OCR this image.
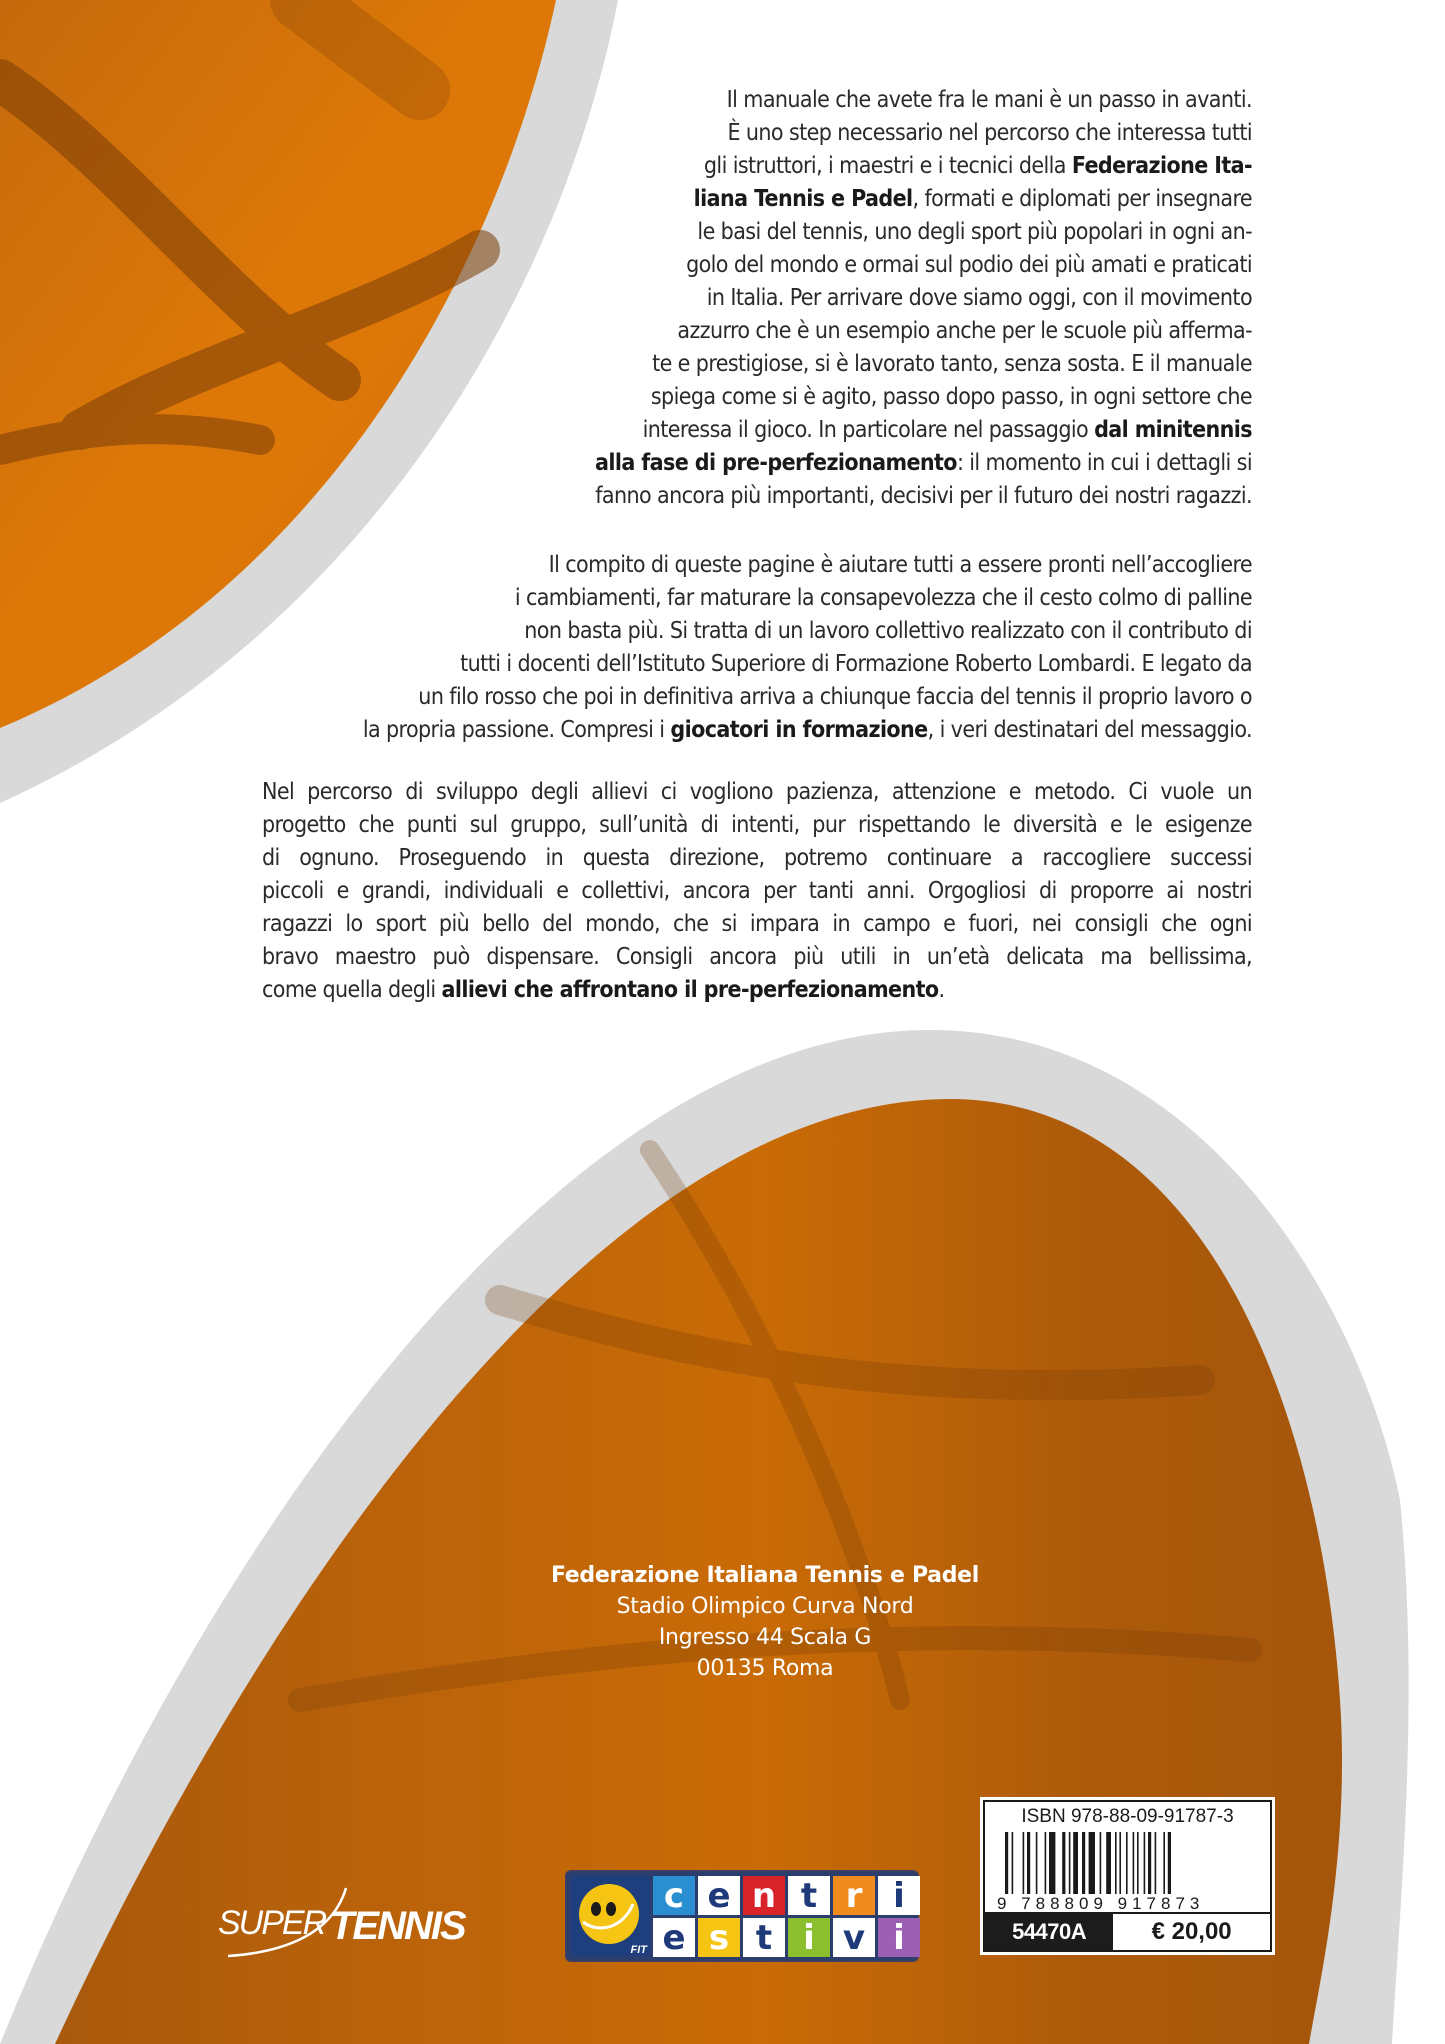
Il manuale che avete fra le mani è un passo in avanti.
È uno step necessario nel percorso che interessa tutti
gli istruttori, i maestri e i tecnici della Federazione Ita-
liana Tennis e Padel, formati e diplomati per insegnare
le basi del tennis, uno degli sport più popolari in ogni an-
golo del mondo e ormai sul podio dei più amati e praticati
in Italia. Per arrivare dove siamo oggi, con il movimento
azzurro che è un esempio anche per le scuole più afferma-
te e prestigiose, si è lavorato tanto, senza sosta. E il manuale
spiega come si è agito, passo dopo passo, in ogni settore che
interessa il gioco. In particolare nel passaggio dal minitennis
alla fase di pre-perfezionamento: il momento in cui i dettagli si
fanno ancora più importanti, decisivi per il futuro dei nostri ragazzi.
Il compito di queste pagine è aiutare tutti a essere pronti nell’accogliere
i cambiamenti, far maturare la consapevolezza che il cesto colmo di palline
non basta più. Si tratta di un lavoro collettivo realizzato con il contributo di
tutti i docenti dell’Istituto Superiore di Formazione Roberto Lombardi. E legato da
un filo rosso che poi in definitiva arriva a chiunque faccia del tennis il proprio lavoro o
la propria passione. Compresi i giocatori in formazione, i veri destinatari del messaggio.
Nel percorso di sviluppo degli allievi ci vogliono pazienza, attenzione e metodo. Ci vuole un
progetto che punti sul gruppo, sull’unità di intenti, pur rispettando le diversità e le esigenze
di ognuno. Proseguendo in questa direzione, potremo continuare a raccogliere successi
piccoli e grandi, individuali e collettivi, ancora per tanti anni. Orgogliosi di proporre ai nostri
ragazzi lo sport più bello del mondo, che si impara in campo e fuori, nei consigli che ogni
bravo maestro può dispensare. Consigli ancora più utili in un’età delicata ma bellissima,
come quella degli allievi che affrontano il pre-perfezionamento.
Federazione Italiana Tennis e Padel
Stadio Olimpico Curva Nord
Ingresso 44 Scala G
00135 Roma
SUPER TENNIS
FIT
c e n t r i
e s t i v i
ISBN 978-88-09-91787-3
9 788809 917873
54470A	€ 20,00
